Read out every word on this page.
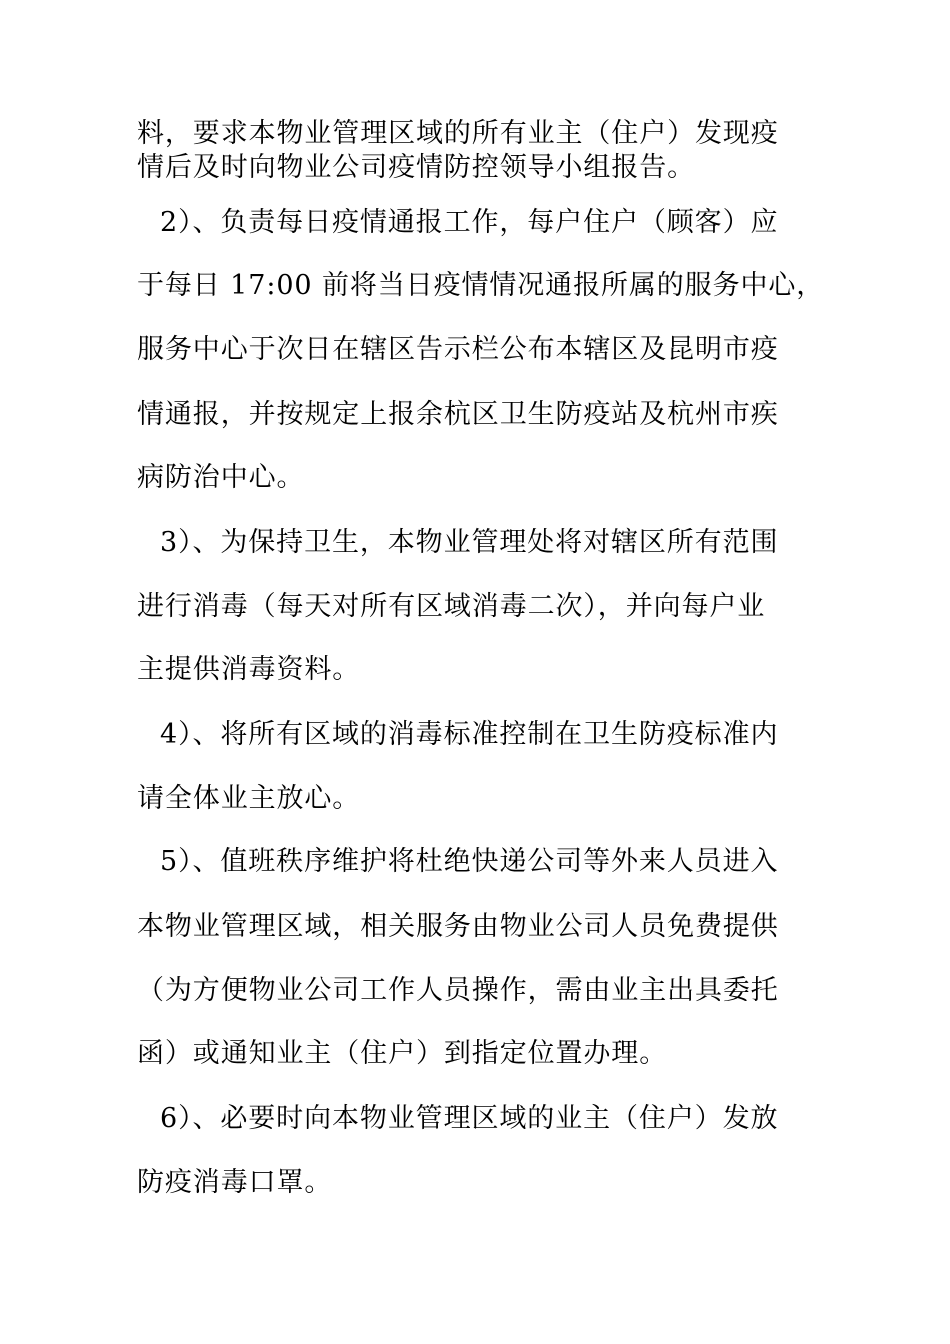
料，要求本物业管理区域的所有业主（住户）发现疫
情后及时向物业公司疫情防控领导小组报告。
2）、负责每日疫情通报工作，每户住户（顾客）应
于每日 17:00 前将当日疫情情况通报所属的服务中心，
服务中心于次日在辖区告示栏公布本辖区及昆明市疫
情通报，并按规定上报余杭区卫生防疫站及杭州市疾
病防治中心。
3）、为保持卫生，本物业管理处将对辖区所有范围
进行消毒（每天对所有区域消毒二次），并向每户业
主提供消毒资料。
4）、将所有区域的消毒标准控制在卫生防疫标准内
请全体业主放心。
5）、值班秩序维护将杜绝快递公司等外来人员进入
本物业管理区域，相关服务由物业公司人员免费提供
（为方便物业公司工作人员操作，需由业主出具委托
函）或通知业主（住户）到指定位置办理。
6）、必要时向本物业管理区域的业主（住户）发放
防疫消毒口罩。
